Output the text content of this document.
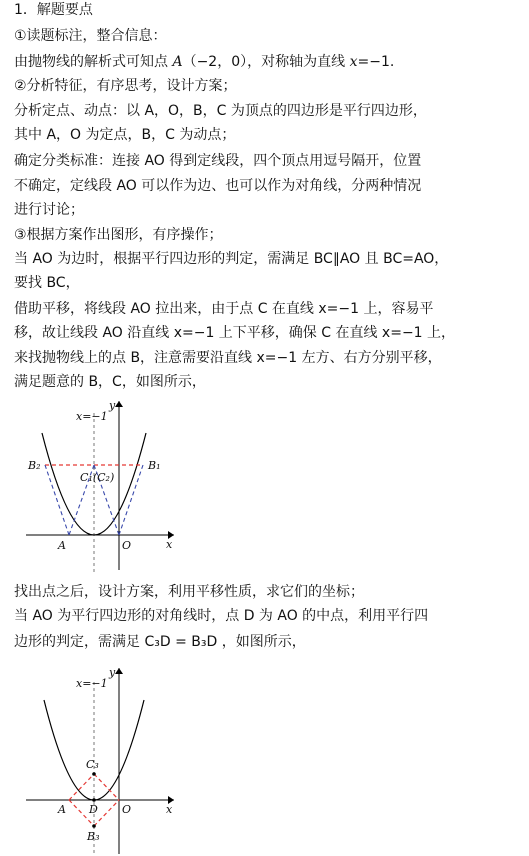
1．解题要点
①读题标注，整合信息：
由抛物线的解析式可知点 A（−2，0），对称轴为直线 x=−1.
②分析特征，有序思考，设计方案；
分析定点、动点：以 A，O，B，C 为顶点的四边形是平行四边形，
其中 A，O 为定点，B，C 为动点；
确定分类标准：连接 AO 得到定线段，四个顶点用逗号隔开，位置
不确定，定线段 AO 可以作为边、也可以作为对角线，分两种情况
进行讨论；
③根据方案作出图形，有序操作；
当 AO 为边时，根据平行四边形的判定，需满足 BC∥AO 且 BC=AO，
要找 BC，
借助平移，将线段 AO 拉出来，由于点 C 在直线 x=−1 上，容易平
移，故让线段 AO 沿直线 x=−1 上下平移，确保 C 在直线 x=−1 上，
来找抛物线上的点 B，注意需要沿直线 x=−1 左方、右方分别平移，
满足题意的 B，C，如图所示，
找出点之后，设计方案，利用平移性质，求它们的坐标；
当 AO 为平行四边形的对角线时，点 D 为 AO 的中点，利用平行四
边形的判定，需满足 C₃D = B₃D ，如图所示，
x=−1
y
x
B₂	B₁
C₁(C₂)
A	O
x=−1
y
x
C₃
A D O
B₃
